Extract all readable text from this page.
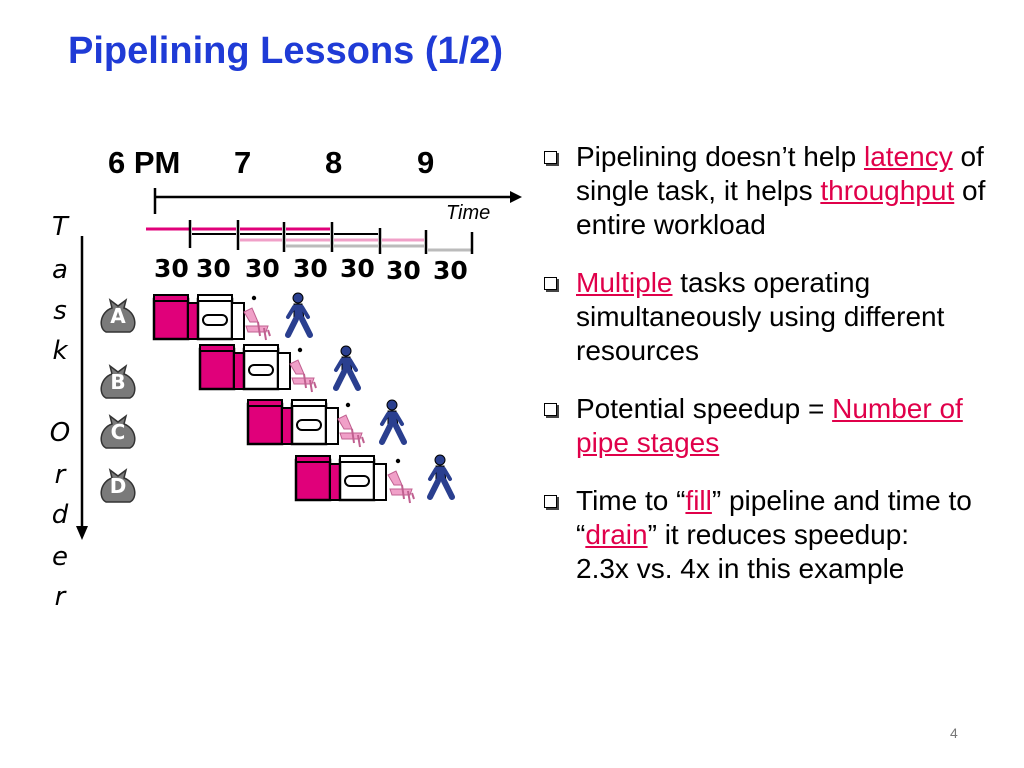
Pipelining Lessons (1/2)
6 PM 7 8 9
Time
30 30 30 30 30 30 30
T
a
s
k
O
r
d
e
r
A
B
C
D
Pipelining doesn’t help latency of single task, it helps throughput of entire workload
Multiple tasks operating simultaneously using different resources
Potential speedup = Number of pipe stages
Time to “fill” pipeline and time to “drain” it reduces speedup:
2.3x vs. 4x in this example
4
